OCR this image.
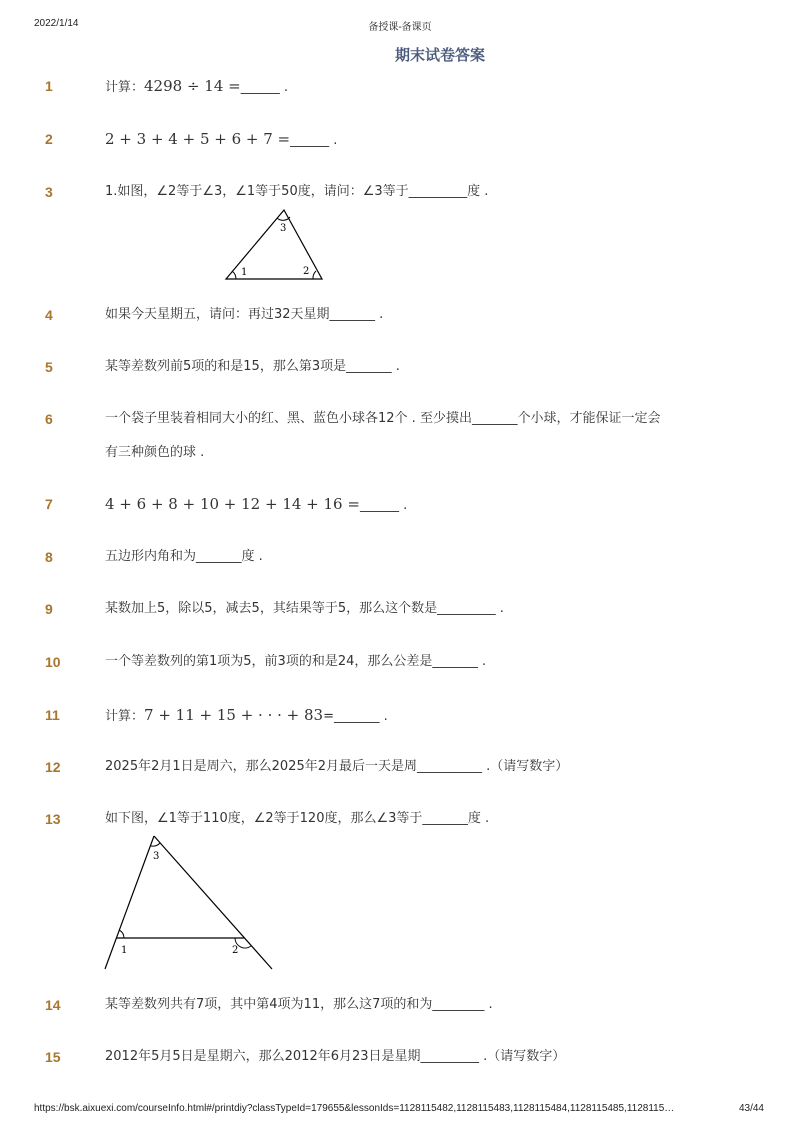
2022/1/14	备授课-备课页
期末试卷答案
1	计算：4298 ÷ 14 =______ .
2	2 + 3 + 4 + 5 + 6 + 7 =______ .
3	1.如图，∠2等于∠3，∠1等于50度，请问：∠3等于_________度 .
1	2
3
4	如果今天星期五，请问：再过32天星期_______ .
5	某等差数列前5项的和是15，那么第3项是_______ .
6	一个袋子里装着相同大小的红、黑、蓝色小球各12个 . 至少摸出_______个小球，才能保证一定会
有三种颜色的球 .
7	4 + 6 + 8 + 10 + 12 + 14 + 16 =______ .
8	五边形内角和为_______度 .
9	某数加上5，除以5，减去5，其结果等于5，那么这个数是_________ .
10	一个等差数列的第1项为5，前3项的和是24，那么公差是_______ .
11	计算：7 + 11 + 15 + · · · + 83=_______ .
12	2025年2月1日是周六，那么2025年2月最后一天是周__________ .（请写数字）
13	如下图，∠1等于110度，∠2等于120度，那么∠3等于_______度 .
1	2
3
14	某等差数列共有7项，其中第4项为11，那么这7项的和为________ .
15	2012年5月5日是星期六，那么2012年6月23日是星期_________ .（请写数字）
https://bsk.aixuexi.com/courseInfo.html#/printdiy?classTypeId=179655&lessonIds=1128115482,1128115483,1128115484,1128115485,1128115…	43/44
